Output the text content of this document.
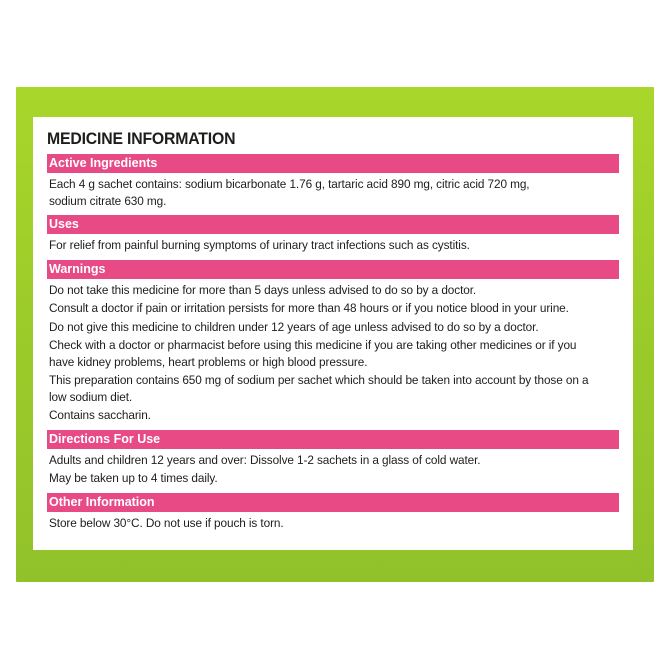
MEDICINE INFORMATION
Active Ingredients
Each 4 g sachet contains: sodium bicarbonate 1.76 g, tartaric acid 890 mg, citric acid 720 mg,
sodium citrate 630 mg.
Uses
For relief from painful burning symptoms of urinary tract infections such as cystitis.
Warnings
Do not take this medicine for more than 5 days unless advised to do so by a doctor.
Consult a doctor if pain or irritation persists for more than 48 hours or if you notice blood in your urine.
Do not give this medicine to children under 12 years of age unless advised to do so by a doctor.
Check with a doctor or pharmacist before using this medicine if you are taking other medicines or if you
have kidney problems, heart problems or high blood pressure.
This preparation contains 650 mg of sodium per sachet which should be taken into account by those on a
low sodium diet.
Contains saccharin.
Directions For Use
Adults and children 12 years and over: Dissolve 1-2 sachets in a glass of cold water.
May be taken up to 4 times daily.
Other Information
Store below 30°C. Do not use if pouch is torn.
